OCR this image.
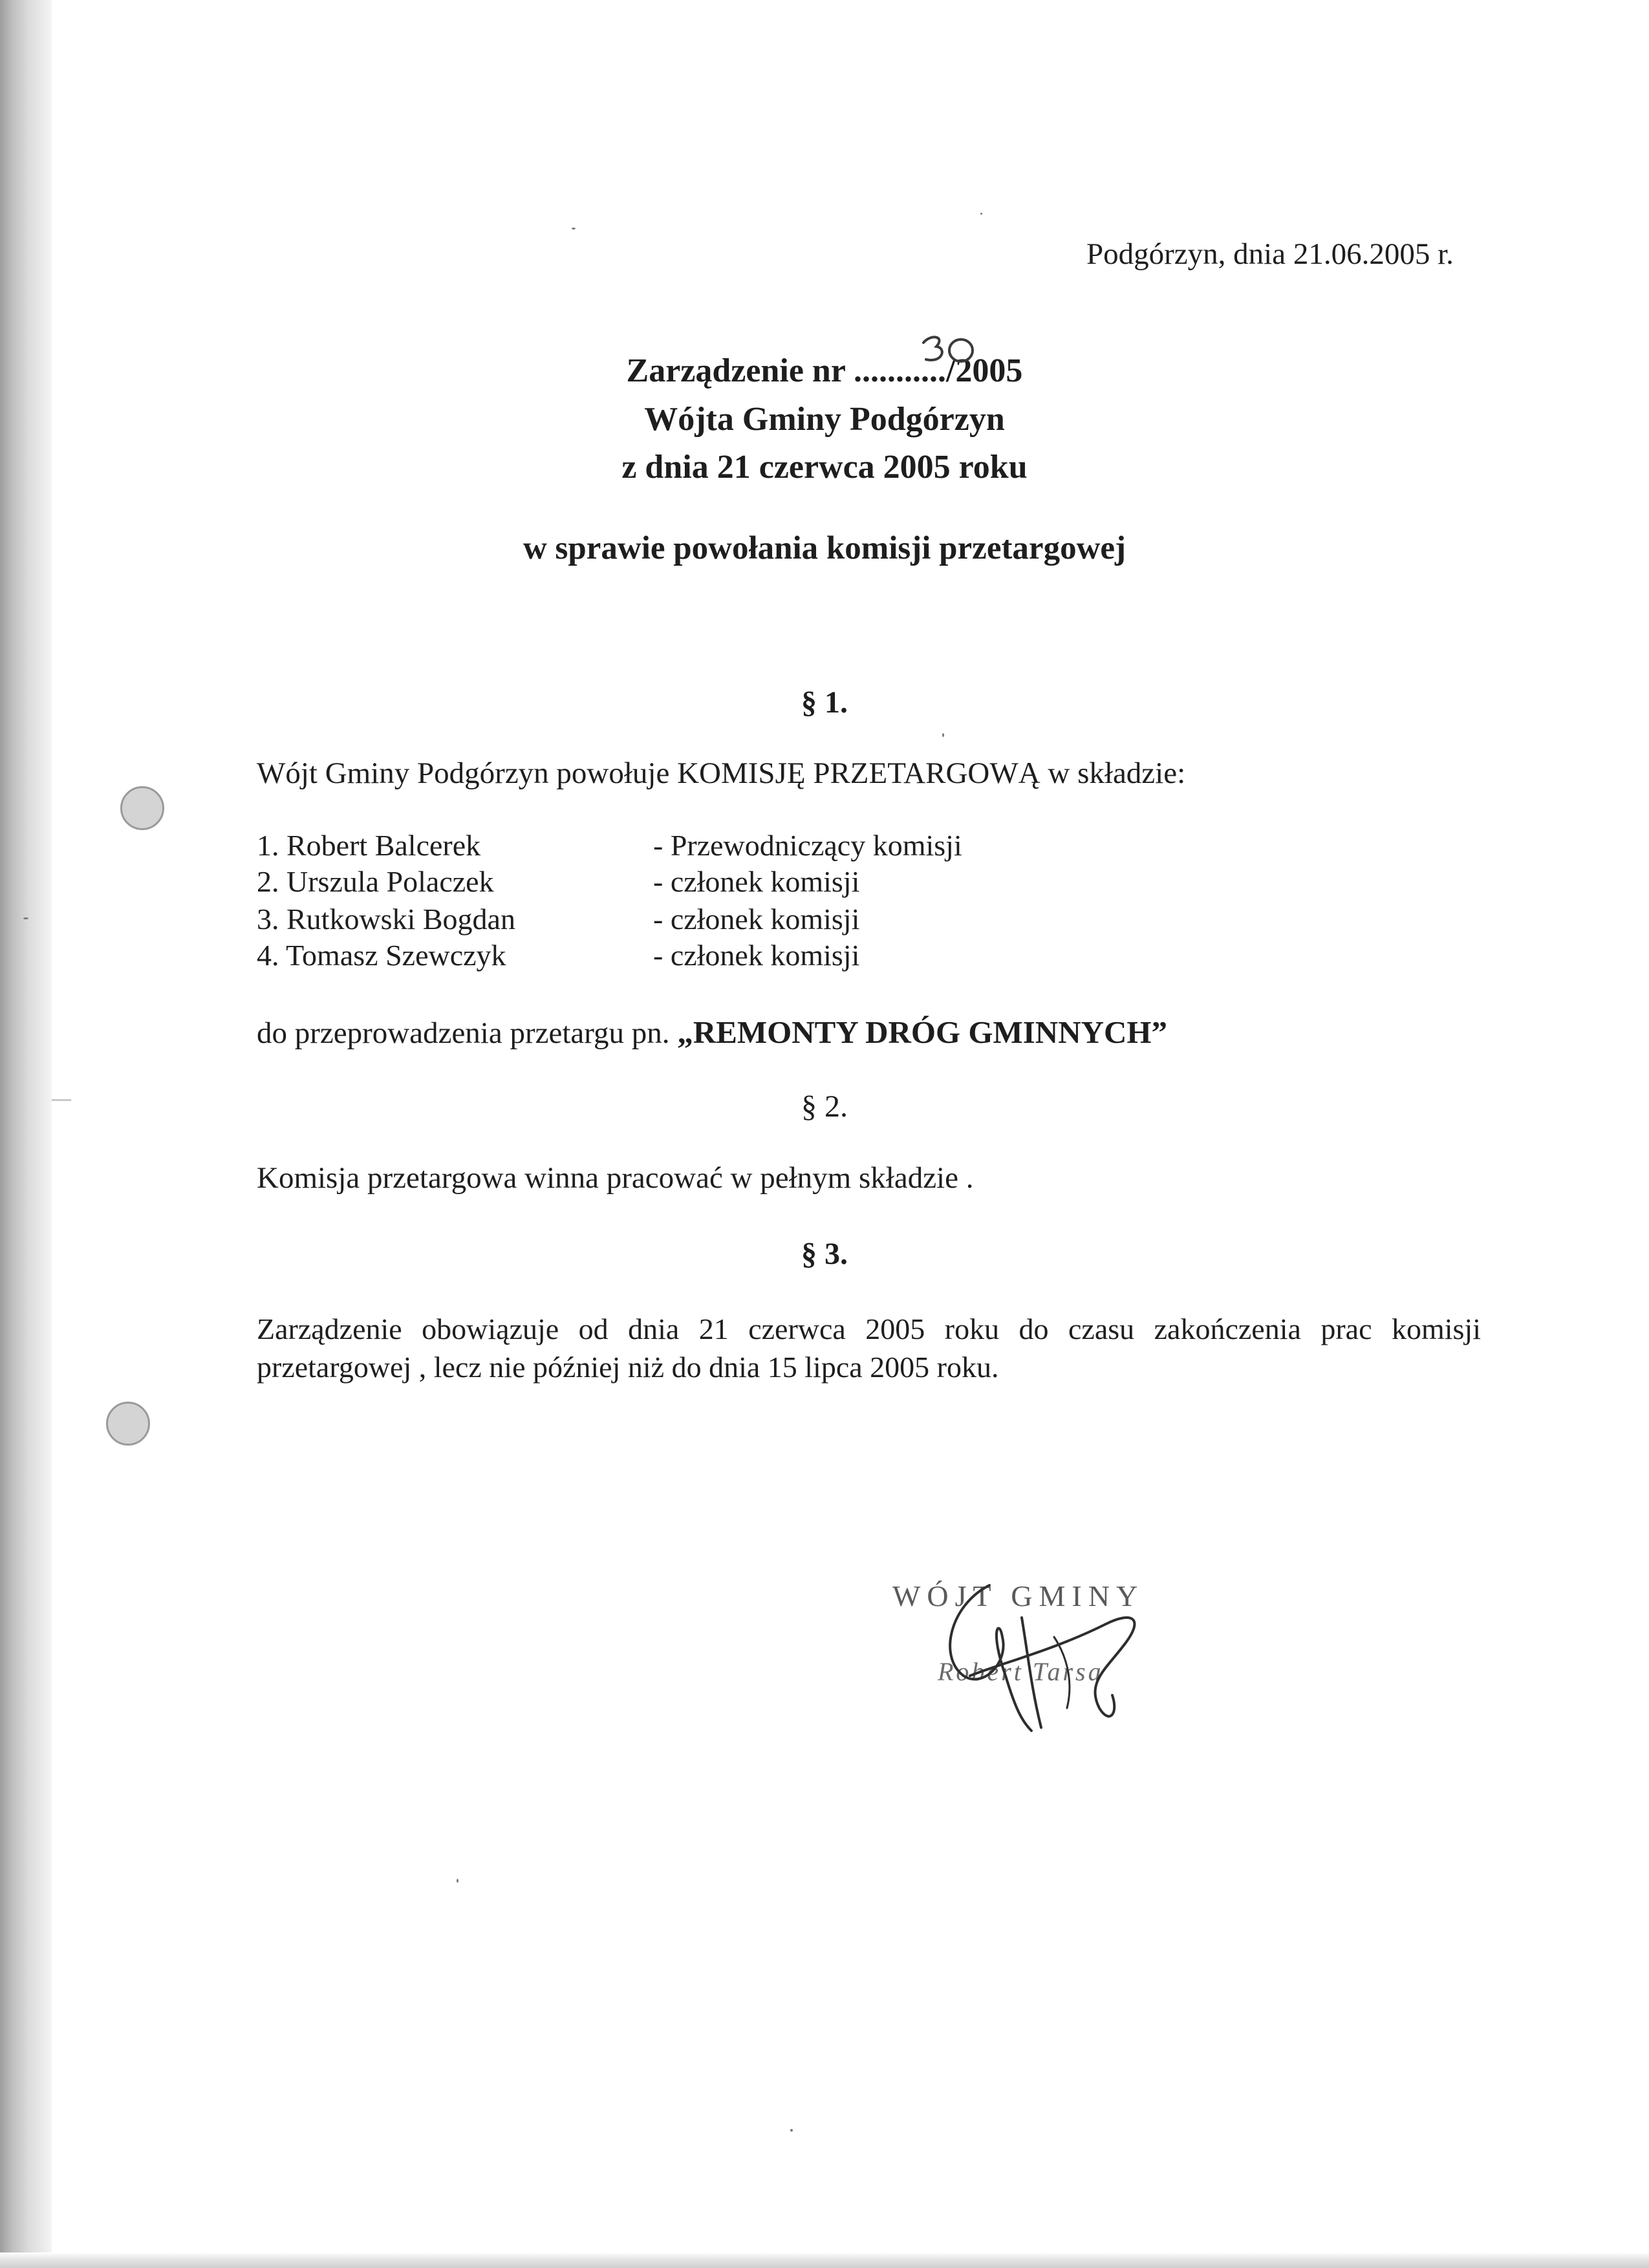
Podgórzyn, dnia 21.06.2005 r.
Zarządzenie nr .........../2005
Wójta Gminy Podgórzyn
z dnia 21 czerwca 2005 roku
w sprawie powołania komisji przetargowej
§ 1.
Wójt Gminy Podgórzyn powołuje KOMISJĘ PRZETARGOWĄ w składzie:
1. Robert Balcerek	- Przewodniczący komisji
2. Urszula Polaczek	- członek komisji
3. Rutkowski Bogdan	- członek komisji
4. Tomasz Szewczyk	- członek komisji
do przeprowadzenia przetargu pn. „REMONTY DRÓG GMINNYCH”
§ 2.
Komisja przetargowa winna pracować w pełnym składzie .
§ 3.
Zarządzenie obowiązuje od dnia 21 czerwca 2005 roku do czasu zakończenia prac komisji przetargowej , lecz nie później niż do dnia 15 lipca 2005 roku.
WÓJT GMINY
Robert Tarsa
